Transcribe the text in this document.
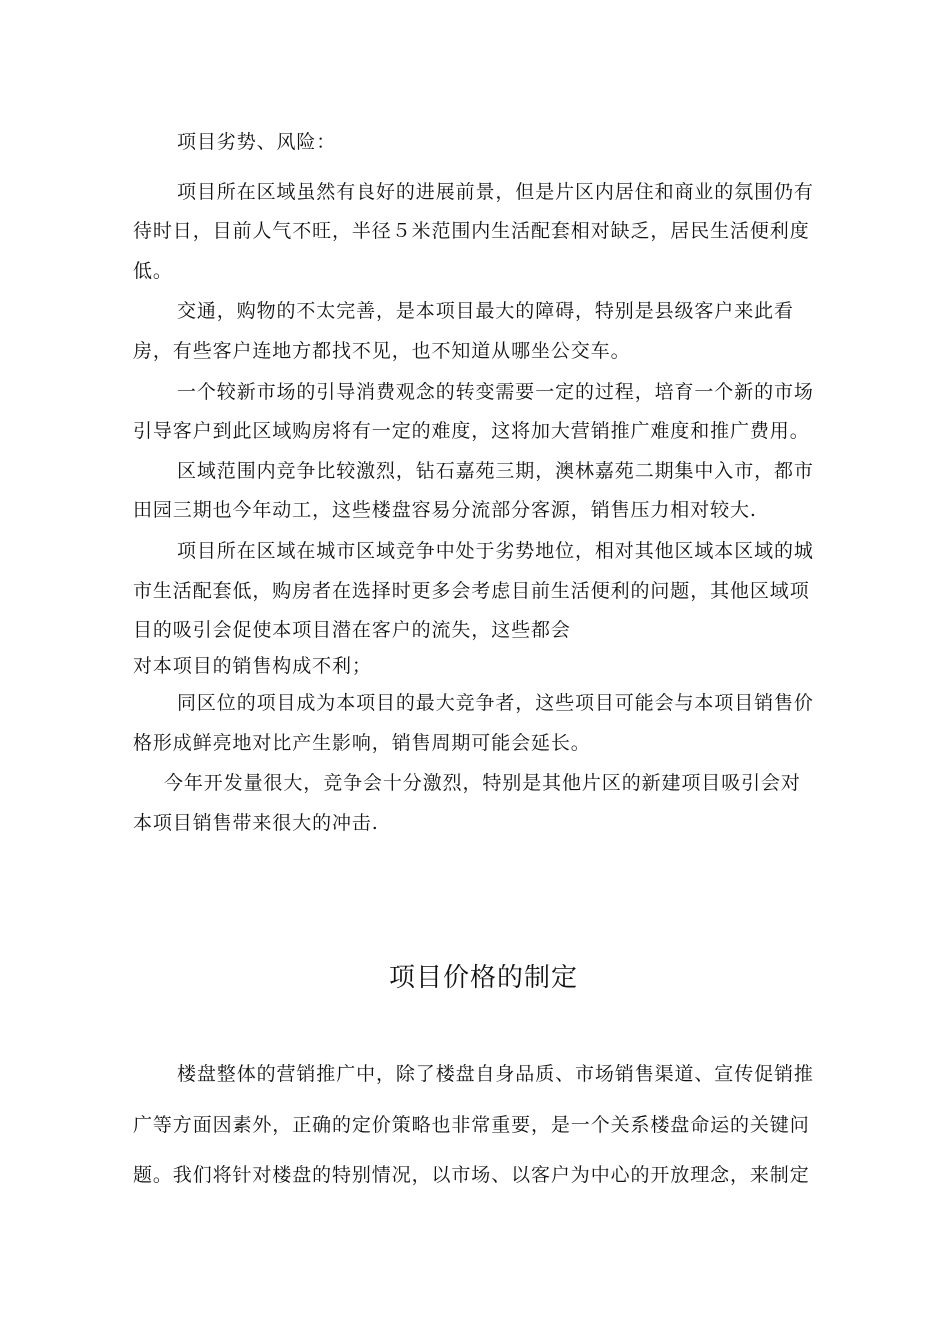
项目劣势、风险：
项目所在区域虽然有良好的进展前景，但是片区内居住和商业的氛围仍有
待时日，目前人气不旺，半径５米范围内生活配套相对缺乏，居民生活便利度
低。
交通，购物的不太完善，是本项目最大的障碍，特别是县级客户来此看
房，有些客户连地方都找不见，也不知道从哪坐公交车。
一个较新市场的引导消费观念的转变需要一定的过程，培育一个新的市场
引导客户到此区域购房将有一定的难度，这将加大营销推广难度和推广费用。
区域范围内竞争比较激烈，钻石嘉苑三期，澳林嘉苑二期集中入市，都市
田园三期也今年动工，这些楼盘容易分流部分客源，销售压力相对较大.
项目所在区域在城市区域竞争中处于劣势地位，相对其他区域本区域的城
市生活配套低，购房者在选择时更多会考虑目前生活便利的问题，其他区域项
目的吸引会促使本项目潜在客户的流失，这些都会
对本项目的销售构成不利；
同区位的项目成为本项目的最大竞争者，这些项目可能会与本项目销售价
格形成鲜亮地对比产生影响，销售周期可能会延长。
今年开发量很大，竞争会十分激烈，特别是其他片区的新建项目吸引会对
本项目销售带来很大的冲击.
项目价格的制定
楼盘整体的营销推广中，除了楼盘自身品质、市场销售渠道、宣传促销推
广等方面因素外，正确的定价策略也非常重要，是一个关系楼盘命运的关键问
题。我们将针对楼盘的特别情况，以市场、以客户为中心的开放理念，来制定
